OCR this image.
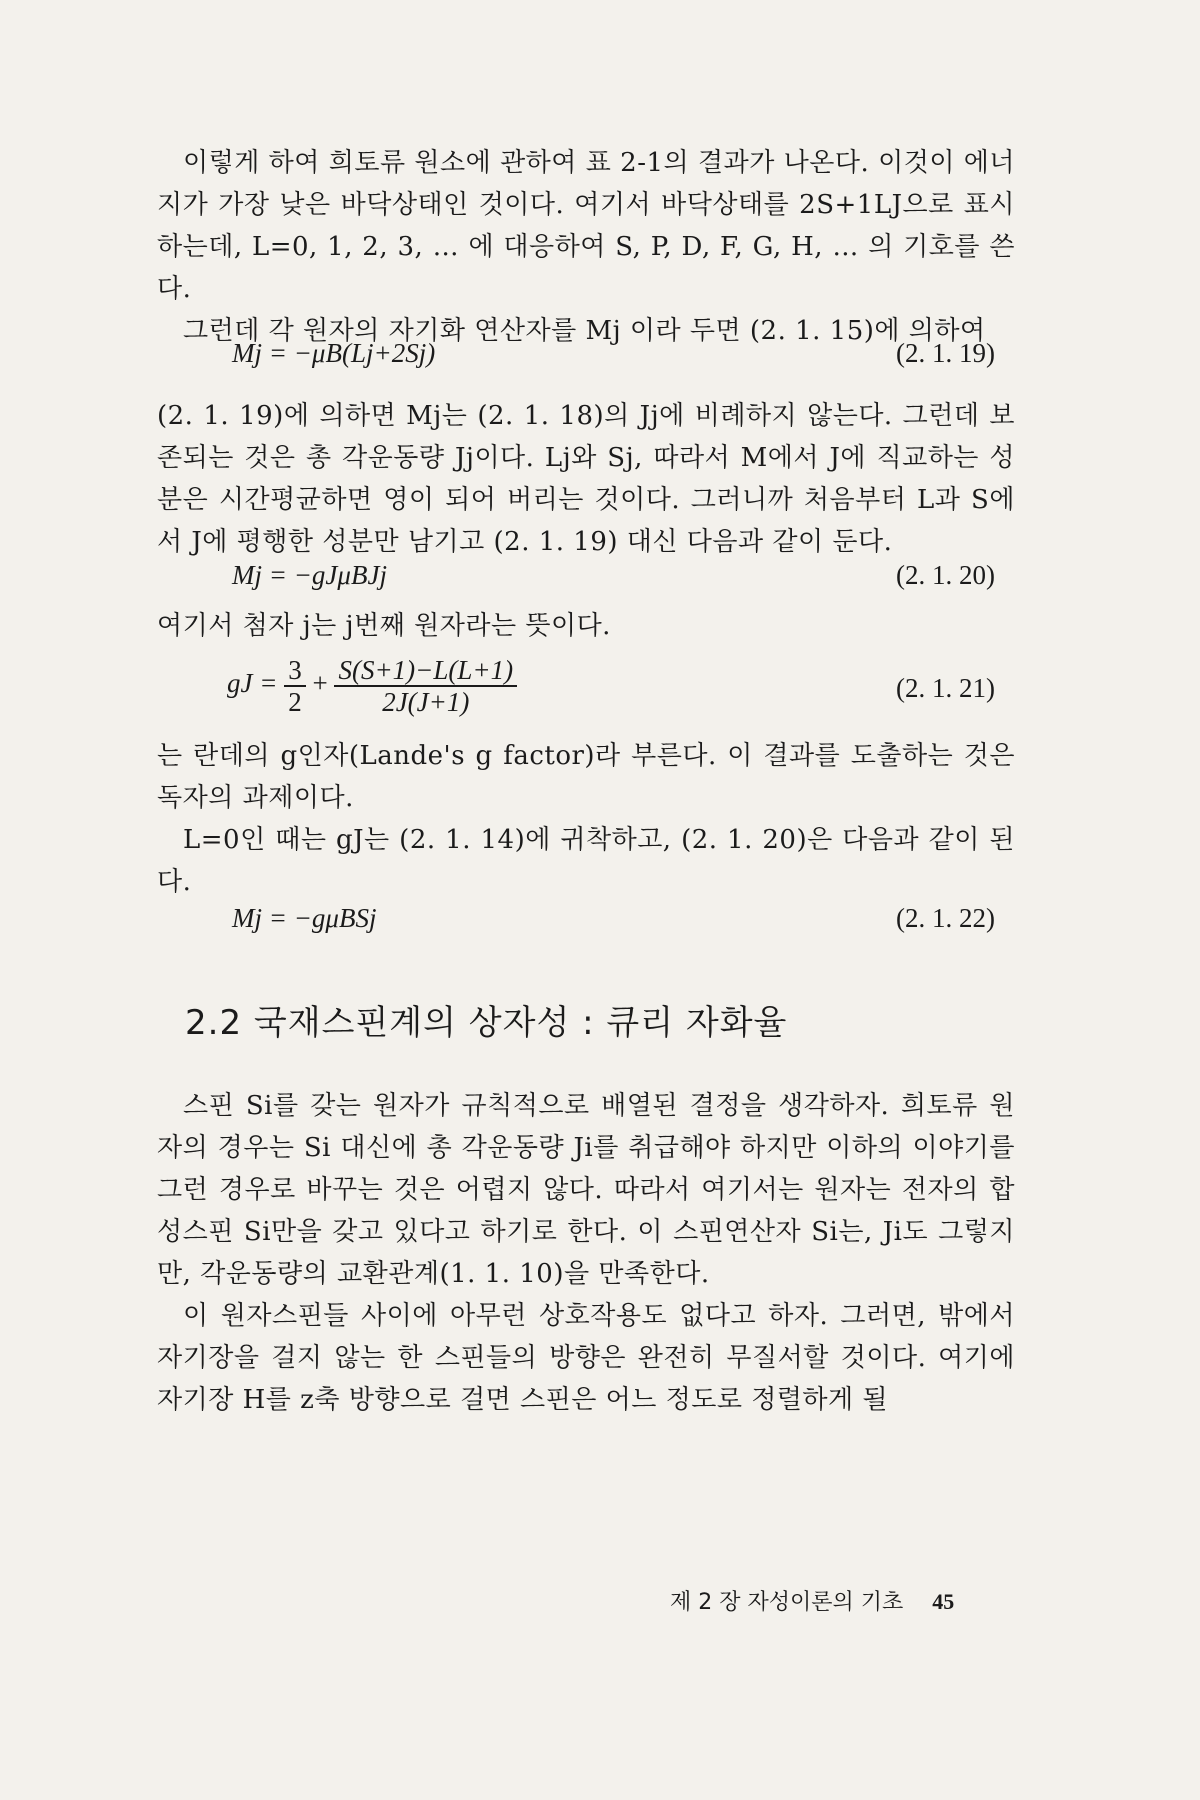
이렇게 하여 희토류 원소에 관하여 표 2-1의 결과가 나온다. 이것이 에너지가 가장 낮은 바닥상태인 것이다. 여기서 바닥상태를 2S+1LJ으로 표시하는데, L=0, 1, 2, 3, … 에 대응하여 S, P, D, F, G, H, … 의 기호를 쓴다.

그런데 각 원자의 자기화 연산자를 Mj 이라 두면 (2. 1. 15)에 의하여

Mj = −μB(Lj+2Sj)	(2. 1. 19)

(2. 1. 19)에 의하면 Mj는 (2. 1. 18)의 Jj에 비례하지 않는다. 그런데 보존되는 것은 총 각운동량 Jj이다. Lj와 Sj, 따라서 M에서 J에 직교하는 성분은 시간평균하면 영이 되어 버리는 것이다. 그러니까 처음부터 L과 S에서 J에 평행한 성분만 남기고 (2. 1. 19) 대신 다음과 같이 둔다.

Mj = −gJμBJj	(2. 1. 20)

여기서 첨자 j는 j번째 원자라는 뜻이다.

gJ = $\frac{3}{2} + \frac{S(S+1)-L(L+1)}{2J(J+1)}$	(2. 1. 21)

는 란데의 g인자(Lande's g factor)라 부른다. 이 결과를 도출하는 것은 독자의 과제이다.

L=0인 때는 gJ는 (2. 1. 14)에 귀착하고, (2. 1. 20)은 다음과 같이 된다.

Mj = −gμBSj	(2. 1. 22)
2.2 국재스핀계의 상자성 : 큐리 자화율

스핀 Si를 갖는 원자가 규칙적으로 배열된 결정을 생각하자. 희토류 원자의 경우는 Si 대신에 총 각운동량 Ji를 취급해야 하지만 이하의 이야기를 그런 경우로 바꾸는 것은 어렵지 않다. 따라서 여기서는 원자는 전자의 합성스핀 Si만을 갖고 있다고 하기로 한다. 이 스핀연산자 Si는, Ji도 그렇지만, 각운동량의 교환관계(1. 1. 10)을 만족한다.

이 원자스핀들 사이에 아무런 상호작용도 없다고 하자. 그러면, 밖에서 자기장을 걸지 않는 한 스핀들의 방향은 완전히 무질서할 것이다. 여기에 자기장 H를 z축 방향으로 걸면 스핀은 어느 정도로 정렬하게 될

제 2 장 자성이론의 기초 45
